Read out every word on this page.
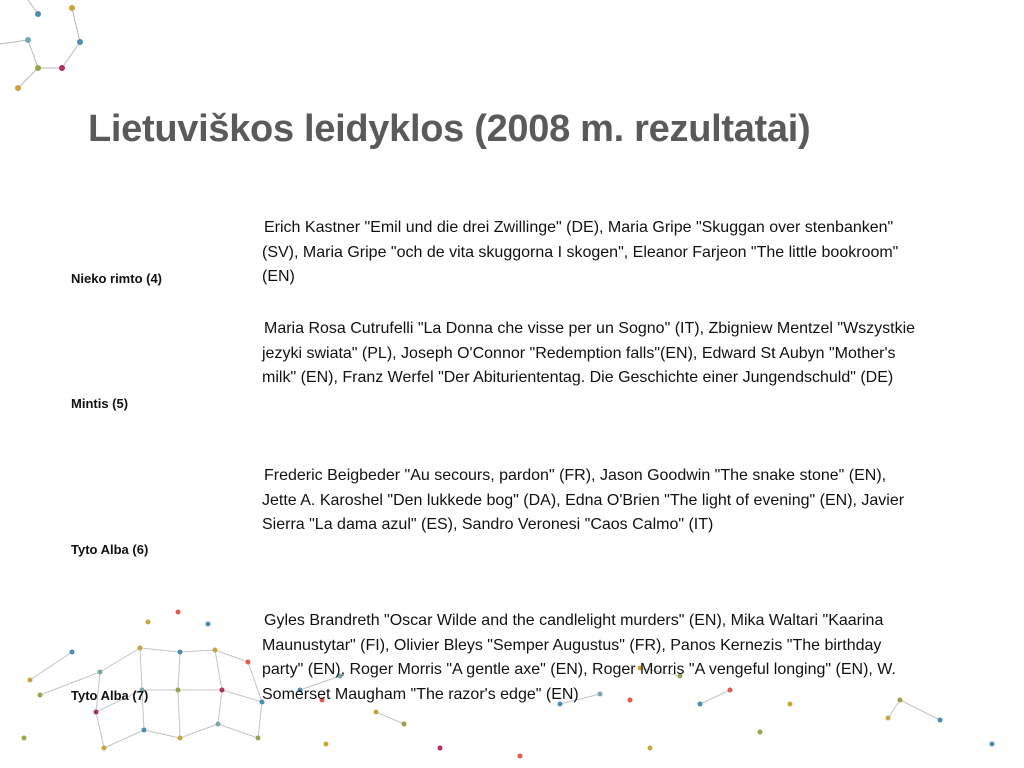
Lietuviškos leidyklos (2008 m. rezultatai)
Nieko rimto (4)
Erich Kastner "Emil und die drei Zwillinge" (DE), Maria Gripe "Skuggan over stenbanken" (SV), Maria Gripe "och de vita skuggorna I skogen", Eleanor Farjeon "The little bookroom" (EN)
Mintis (5)
Maria Rosa Cutrufelli "La Donna che visse per un Sogno" (IT), Zbigniew Mentzel "Wszystkie jezyki swiata" (PL), Joseph O'Connor "Redemption falls"(EN), Edward St Aubyn "Mother's milk" (EN), Franz Werfel "Der Abituriententag. Die Geschichte einer Jungendschuld" (DE)
Tyto Alba (6)
Frederic Beigbeder "Au secours, pardon" (FR), Jason Goodwin "The snake stone" (EN), Jette A. Karoshel "Den lukkede bog" (DA), Edna O'Brien "The light of evening" (EN), Javier Sierra "La dama azul" (ES), Sandro Veronesi "Caos Calmo" (IT)
Tyto Alba (7)
Gyles Brandreth "Oscar Wilde and the candlelight murders" (EN), Mika Waltari "Kaarina Maunustytar" (FI), Olivier Bleys "Semper Augustus" (FR), Panos Kernezis "The birthday party" (EN), Roger Morris "A gentle axe" (EN), Roger Morris "A vengeful longing" (EN), W. Somerset Maugham "The razor's edge" (EN)
